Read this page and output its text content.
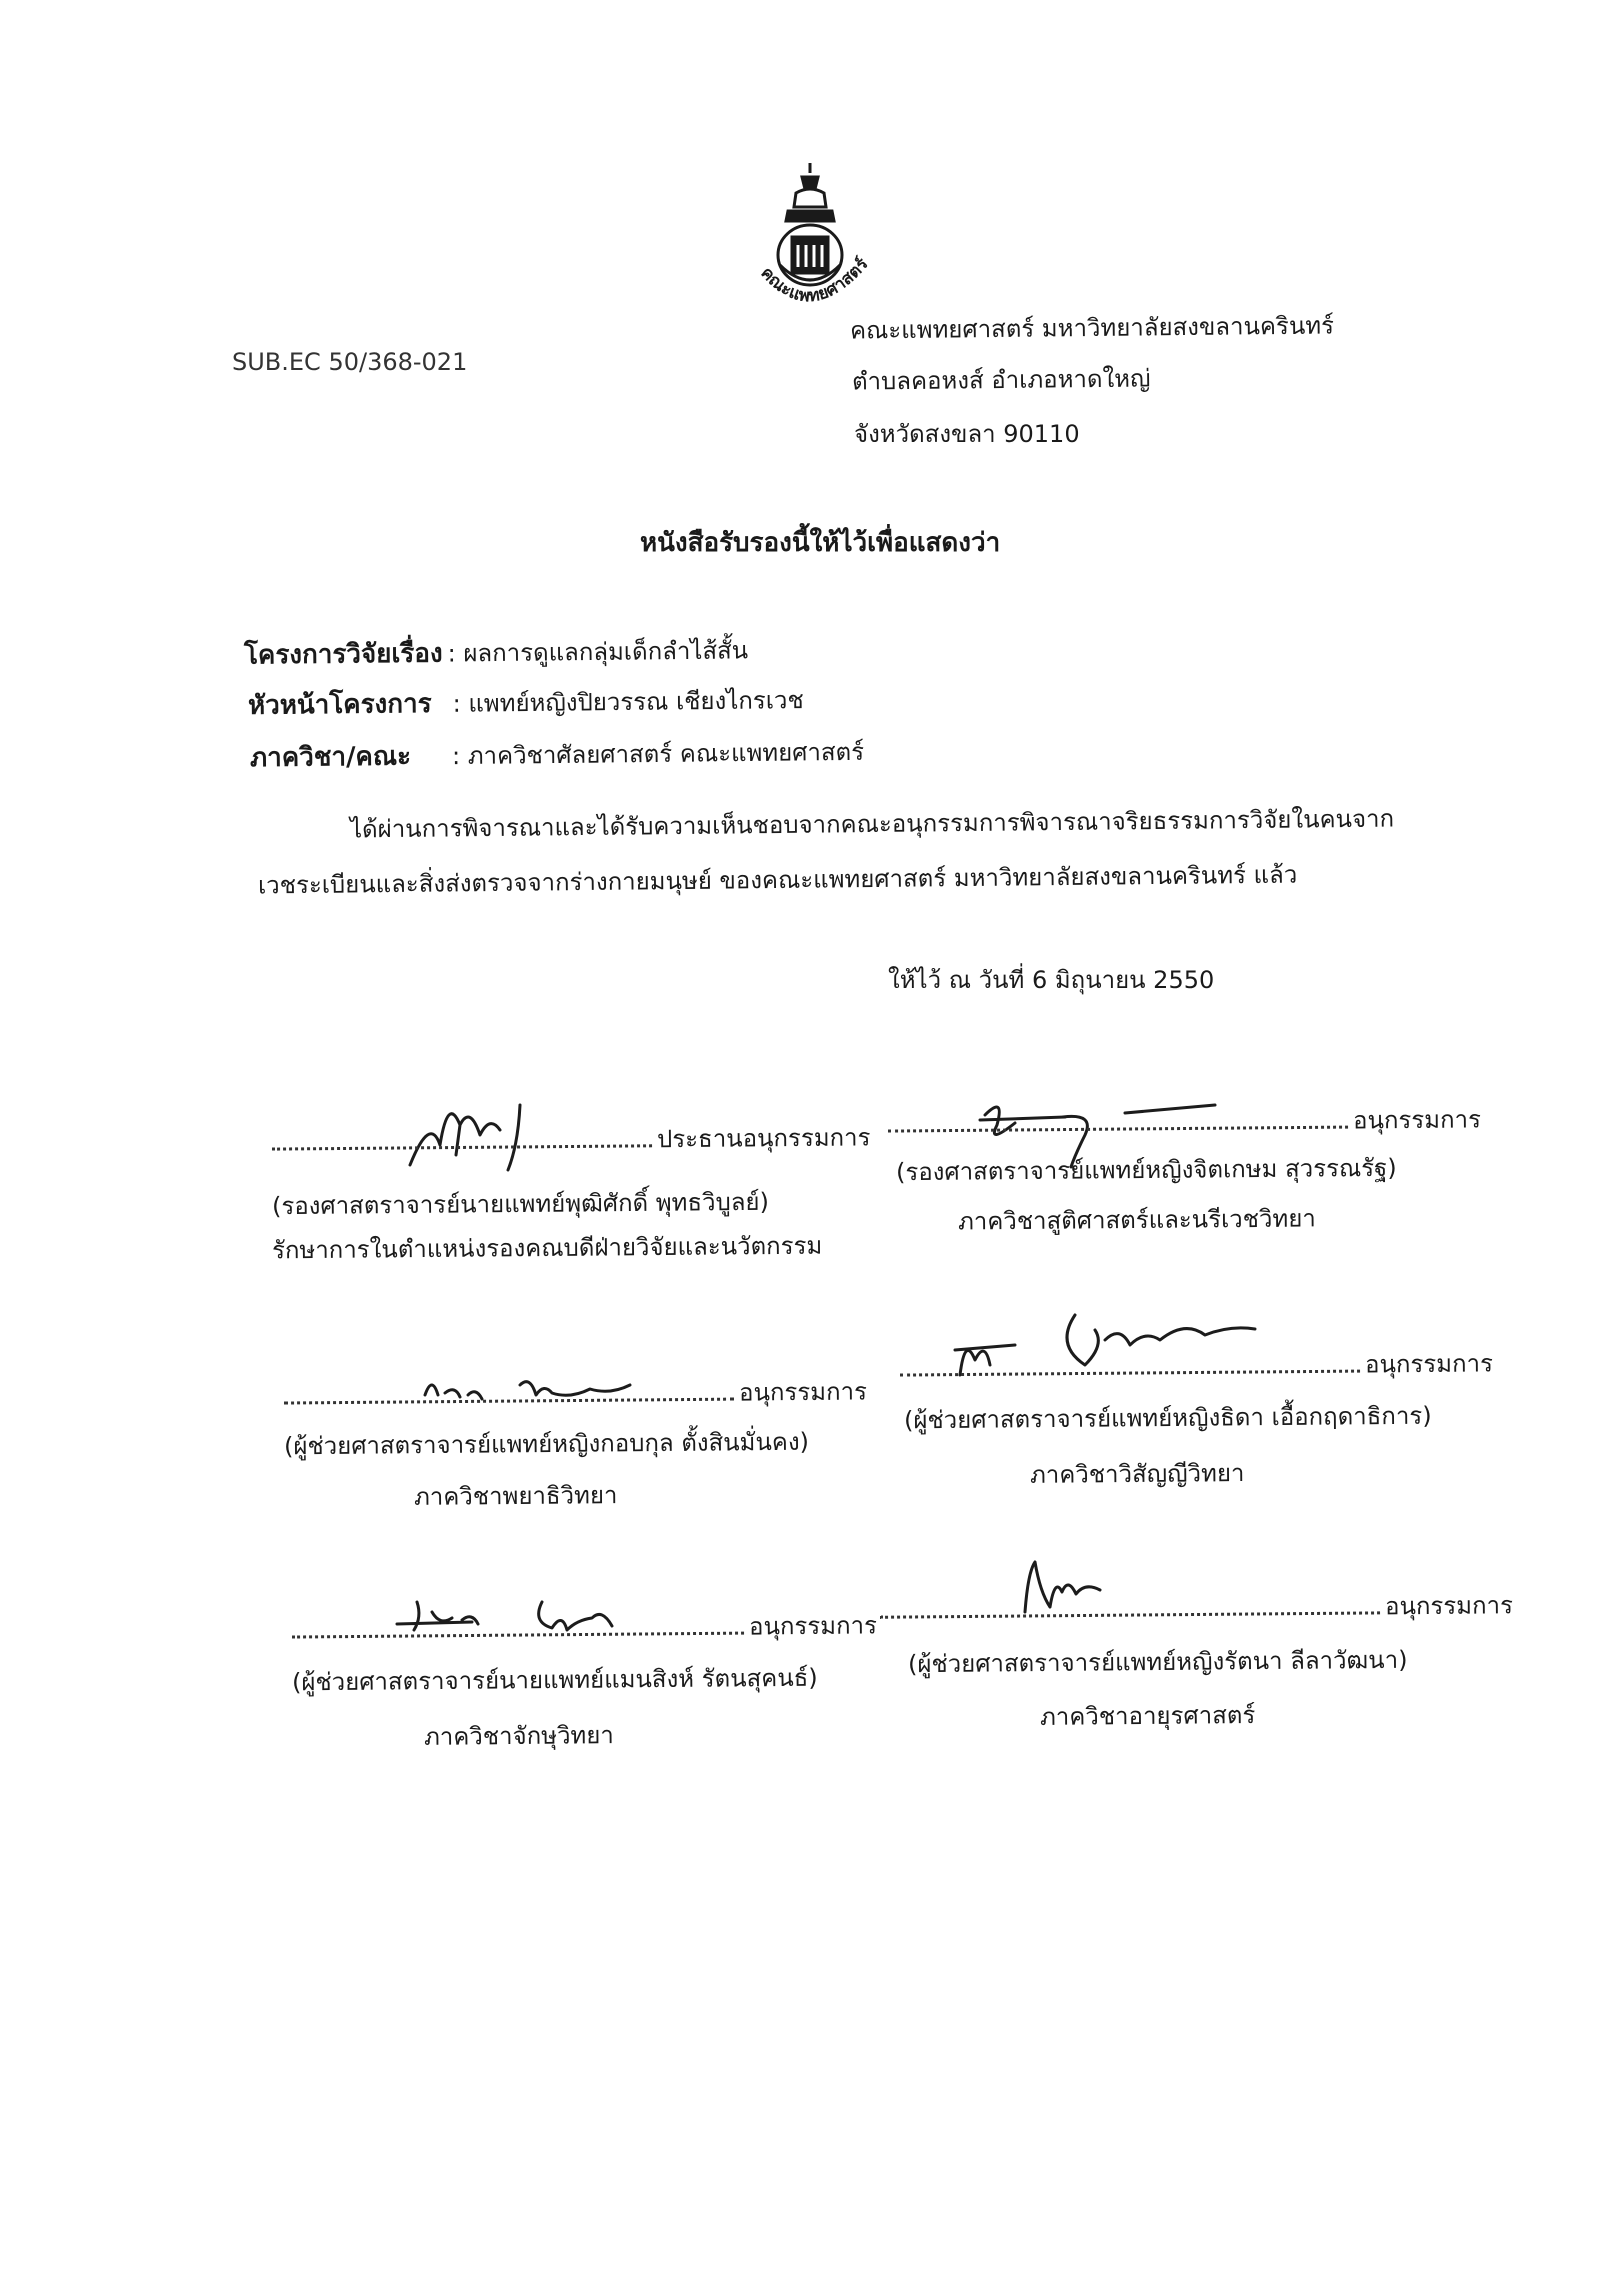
คณะแพทยศาสตร์
SUB.EC 50/368-021
คณะแพทยศาสตร์ มหาวิทยาลัยสงขลานครินทร์
ตำบลคอหงส์ อำเภอหาดใหญ่
จังหวัดสงขลา 90110
หนังสือรับรองนี้ให้ไว้เพื่อแสดงว่า
โครงการวิจัยเรื่อง : ผลการดูแลกลุ่มเด็กลำไส้สั้น
หัวหน้าโครงการ : แพทย์หญิงปิยวรรณ เชียงไกรเวช
ภาควิชา/คณะ : ภาควิชาศัลยศาสตร์ คณะแพทยศาสตร์
ได้ผ่านการพิจารณาและได้รับความเห็นชอบจากคณะอนุกรรมการพิจารณาจริยธรรมการวิจัยในคนจาก
เวชระเบียนและสิ่งส่งตรวจจากร่างกายมนุษย์ ของคณะแพทยศาสตร์ มหาวิทยาลัยสงขลานครินทร์ แล้ว
ให้ไว้ ณ วันที่ 6 มิถุนายน 2550
ประธานอนุกรรมการ
(รองศาสตราจารย์นายแพทย์พุฒิศักดิ์ พุทธวิบูลย์)
รักษาการในตำแหน่งรองคณบดีฝ่ายวิจัยและนวัตกรรม
อนุกรรมการ
(รองศาสตราจารย์แพทย์หญิงจิตเกษม สุวรรณรัฐ)
ภาควิชาสูติศาสตร์และนรีเวชวิทยา
อนุกรรมการ
(ผู้ช่วยศาสตราจารย์แพทย์หญิงกอบกุล ตั้งสินมั่นคง)
ภาควิชาพยาธิวิทยา
อนุกรรมการ
(ผู้ช่วยศาสตราจารย์แพทย์หญิงธิดา เอื้อกฤดาธิการ)
ภาควิชาวิสัญญีวิทยา
อนุกรรมการ
(ผู้ช่วยศาสตราจารย์นายแพทย์แมนสิงห์ รัตนสุคนธ์)
ภาควิชาจักษุวิทยา
อนุกรรมการ
(ผู้ช่วยศาสตราจารย์แพทย์หญิงรัตนา ลีลาวัฒนา)
ภาควิชาอายุรศาสตร์
